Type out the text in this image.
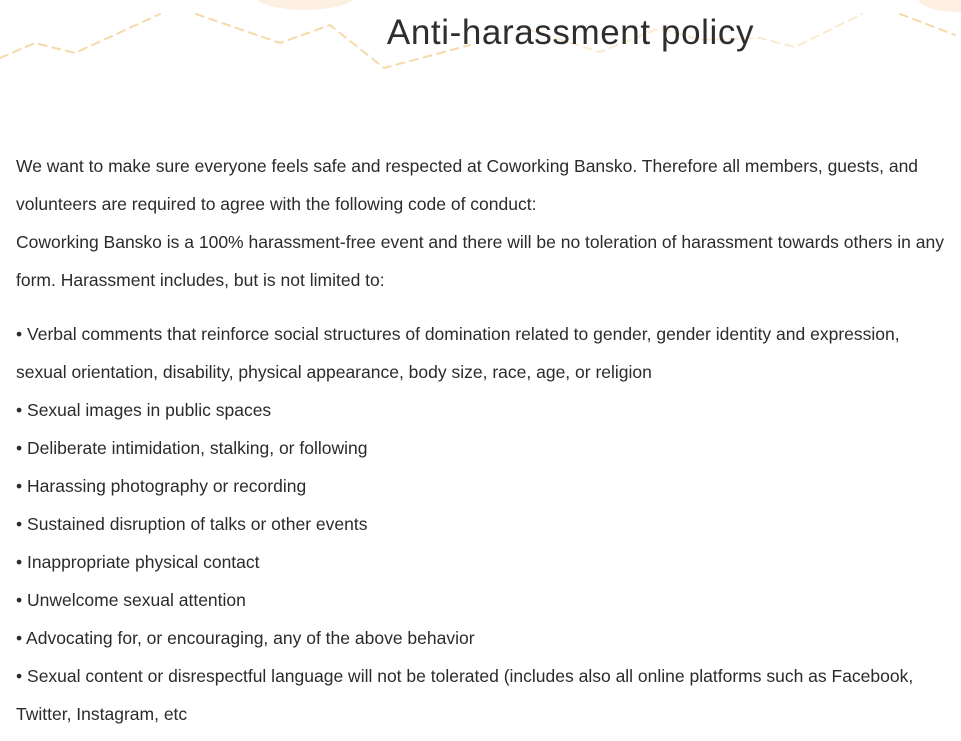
Anti-harassment policy

We want to make sure everyone feels safe and respected at Coworking Bansko. Therefore all members, guests, and volunteers are required to agree with the following code of conduct:

Coworking Bansko is a 100% harassment-free event and there will be no toleration of harassment towards others in any form. Harassment includes, but is not limited to:

• Verbal comments that reinforce social structures of domination related to gender, gender identity and expression, sexual orientation, disability, physical appearance, body size, race, age, or religion

• Sexual images in public spaces

• Deliberate intimidation, stalking, or following

• Harassing photography or recording

• Sustained disruption of talks or other events

• Inappropriate physical contact

• Unwelcome sexual attention

• Advocating for, or encouraging, any of the above behavior

• Sexual content or disrespectful language will not be tolerated (includes also all online platforms such as Facebook, Twitter, Instagram, etc
